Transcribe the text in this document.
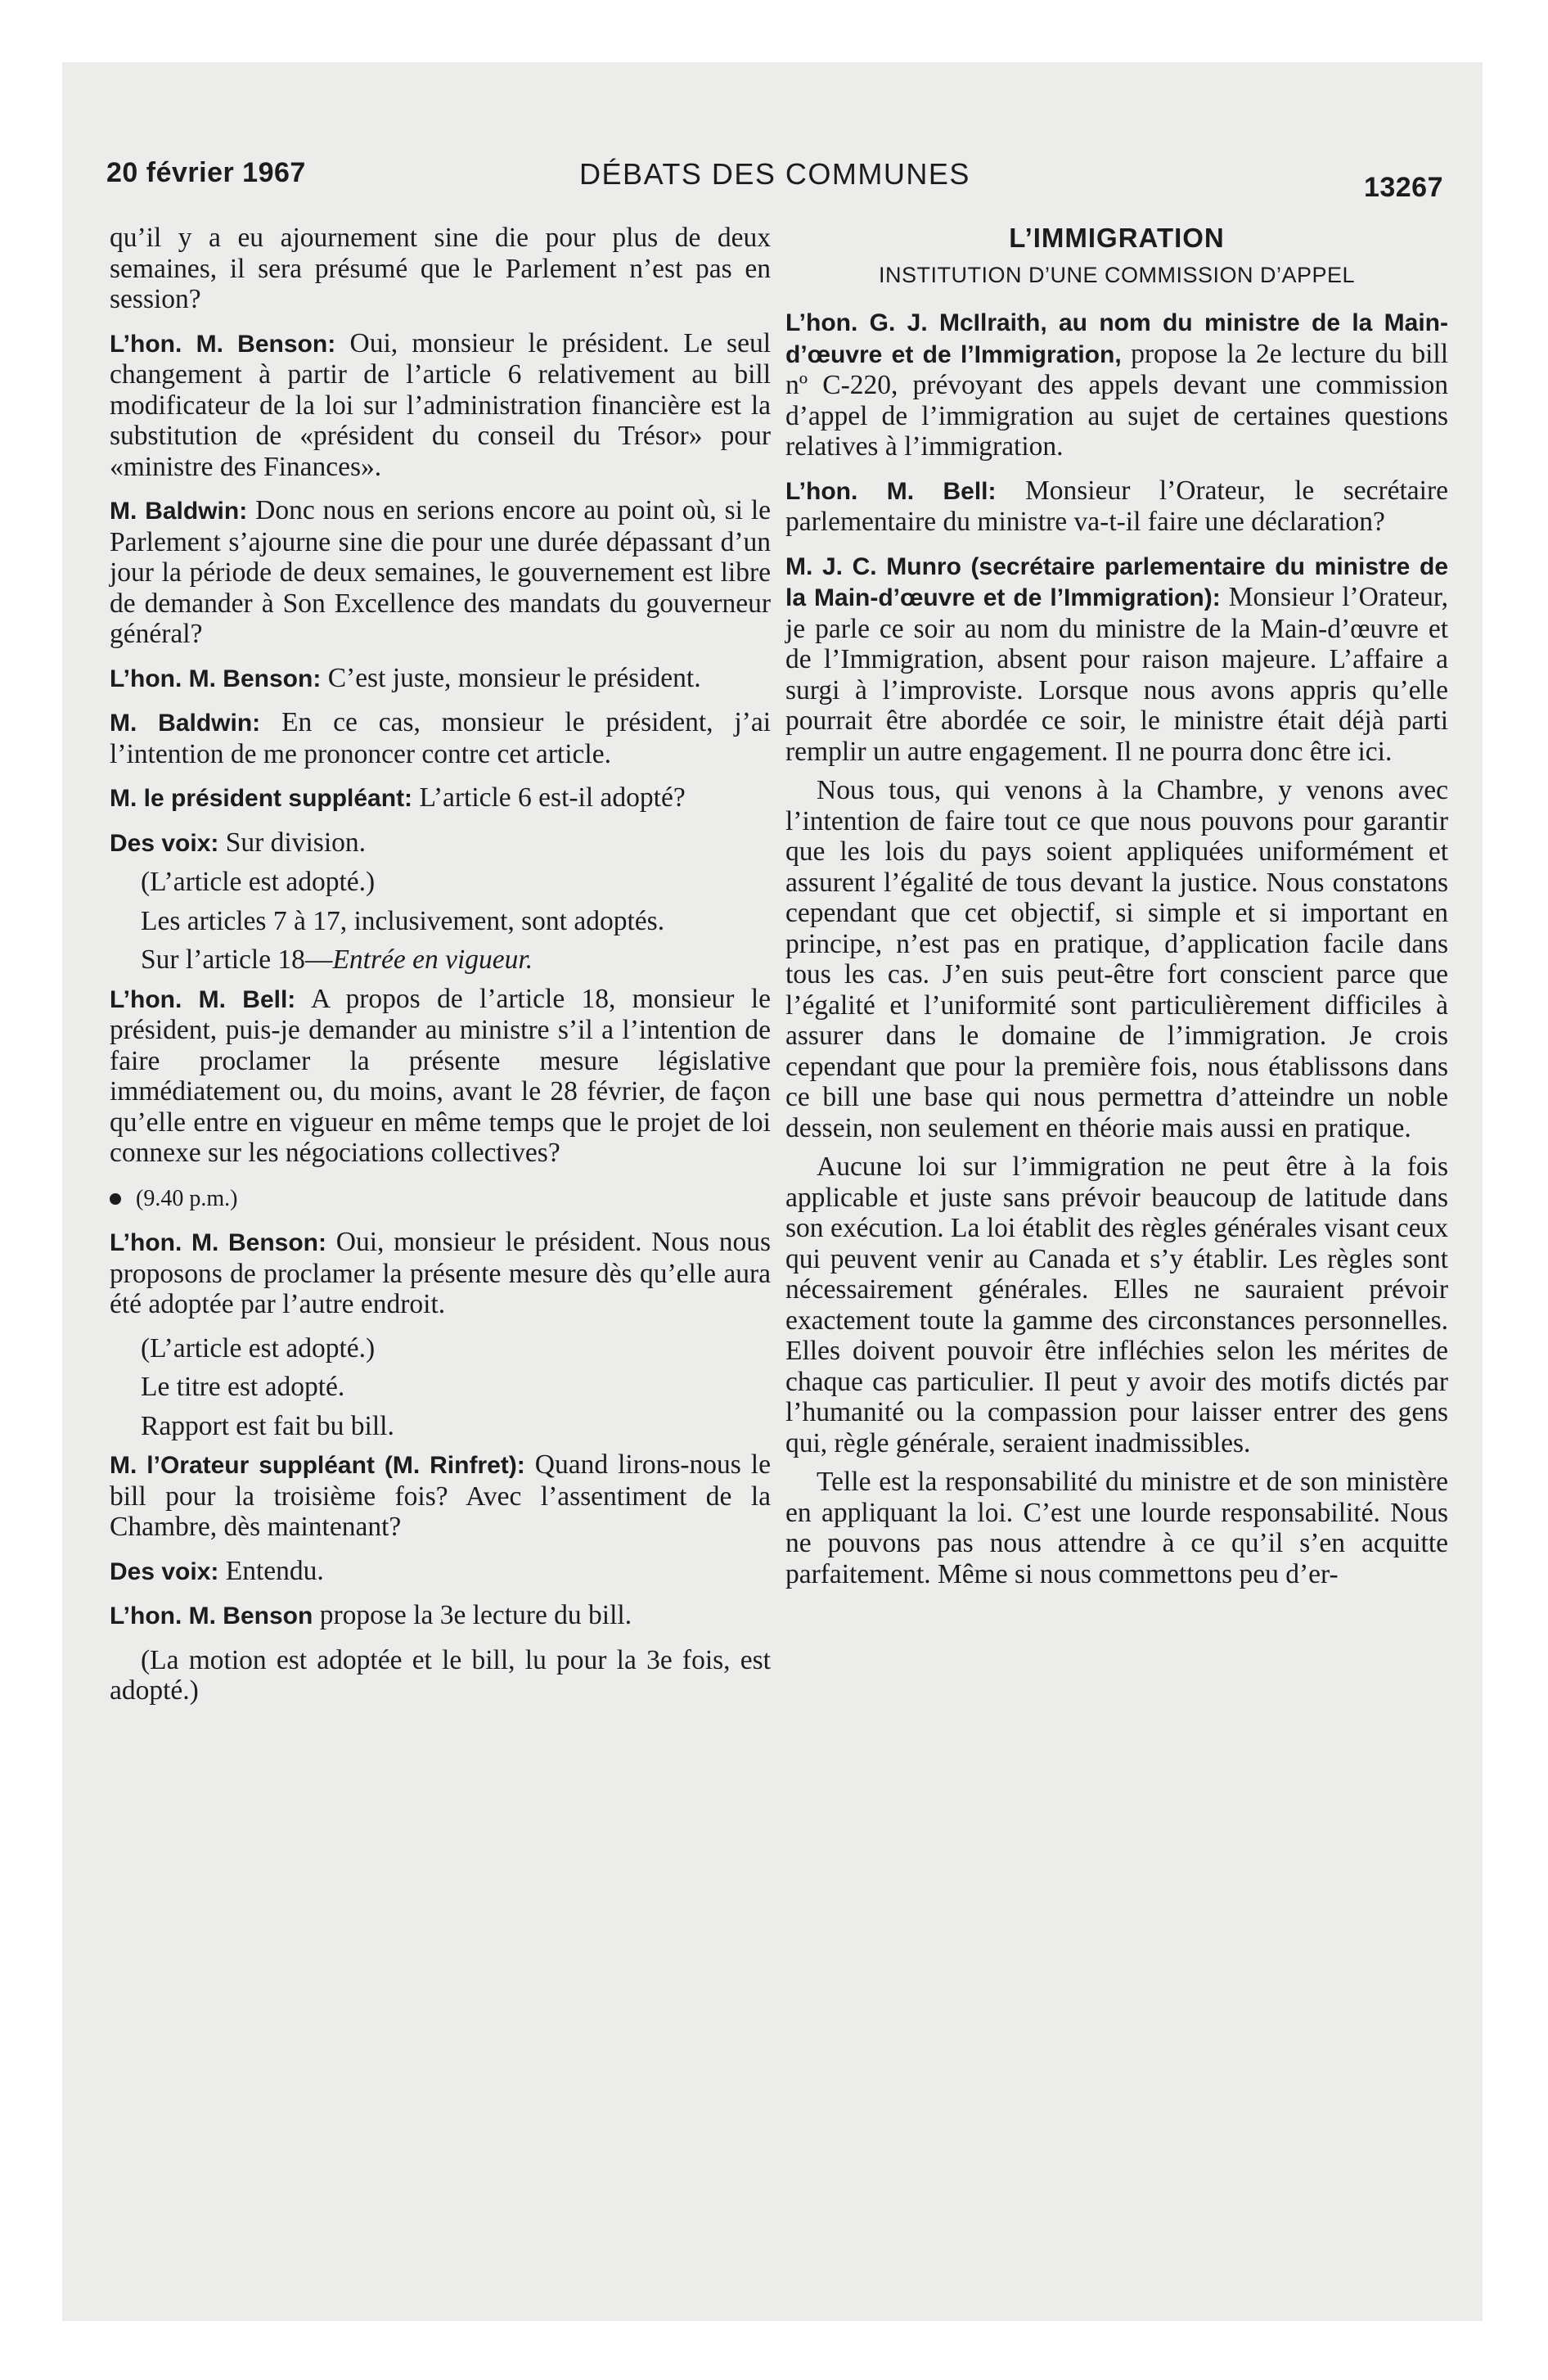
20 février 1967	DÉBATS DES COMMUNES	13267

qu’il y a eu ajournement sine die pour plus de deux semaines, il sera présumé que le Parlement n’est pas en session?

L’hon. M. Benson: Oui, monsieur le président. Le seul changement à partir de l’article 6 relativement au bill modificateur de la loi sur l’administration financière est la substitution de «président du conseil du Trésor» pour «ministre des Finances».

M. Baldwin: Donc nous en serions encore au point où, si le Parlement s’ajourne sine die pour une durée dépassant d’un jour la période de deux semaines, le gouvernement est libre de demander à Son Excellence des mandats du gouverneur général?

L’hon. M. Benson: C’est juste, monsieur le président.

M. Baldwin: En ce cas, monsieur le président, j’ai l’intention de me prononcer contre cet article.

M. le président suppléant: L’article 6 est-il adopté?

Des voix: Sur division.

(L’article est adopté.)

Les articles 7 à 17, inclusivement, sont adoptés.

Sur l’article 18—Entrée en vigueur.

L’hon. M. Bell: A propos de l’article 18, monsieur le président, puis-je demander au ministre s’il a l’intention de faire proclamer la présente mesure législative immédiatement ou, du moins, avant le 28 février, de façon qu’elle entre en vigueur en même temps que le projet de loi connexe sur les négociations collectives?

(9.40 p.m.)

L’hon. M. Benson: Oui, monsieur le président. Nous nous proposons de proclamer la présente mesure dès qu’elle aura été adoptée par l’autre endroit.

(L’article est adopté.)

Le titre est adopté.

Rapport est fait bu bill.

M. l’Orateur suppléant (M. Rinfret): Quand lirons-nous le bill pour la troisième fois? Avec l’assentiment de la Chambre, dès maintenant?

Des voix: Entendu.

L’hon. M. Benson propose la 3e lecture du bill.

(La motion est adoptée et le bill, lu pour la 3e fois, est adopté.)

L’IMMIGRATION
INSTITUTION D’UNE COMMISSION D’APPEL

L’hon. G. J. McIlraith, au nom du ministre de la Main-d’œuvre et de l’Immigration, propose la 2e lecture du bill nº C-220, prévoyant des appels devant une commission d’appel de l’immigration au sujet de certaines questions relatives à l’immigration.

L’hon. M. Bell: Monsieur l’Orateur, le secrétaire parlementaire du ministre va-t-il faire une déclaration?

M. J. C. Munro (secrétaire parlementaire du ministre de la Main-d’œuvre et de l’Immigration): Monsieur l’Orateur, je parle ce soir au nom du ministre de la Main-d’œuvre et de l’Immigration, absent pour raison majeure. L’affaire a surgi à l’improviste. Lorsque nous avons appris qu’elle pourrait être abordée ce soir, le ministre était déjà parti remplir un autre engagement. Il ne pourra donc être ici.

Nous tous, qui venons à la Chambre, y venons avec l’intention de faire tout ce que nous pouvons pour garantir que les lois du pays soient appliquées uniformément et assurent l’égalité de tous devant la justice. Nous constatons cependant que cet objectif, si simple et si important en principe, n’est pas en pratique, d’application facile dans tous les cas. J’en suis peut-être fort conscient parce que l’égalité et l’uniformité sont particulièrement difficiles à assurer dans le domaine de l’immigration. Je crois cependant que pour la première fois, nous établissons dans ce bill une base qui nous permettra d’atteindre un noble dessein, non seulement en théorie mais aussi en pratique.

Aucune loi sur l’immigration ne peut être à la fois applicable et juste sans prévoir beaucoup de latitude dans son exécution. La loi établit des règles générales visant ceux qui peuvent venir au Canada et s’y établir. Les règles sont nécessairement générales. Elles ne sauraient prévoir exactement toute la gamme des circonstances personnelles. Elles doivent pouvoir être infléchies selon les mérites de chaque cas particulier. Il peut y avoir des motifs dictés par l’humanité ou la compassion pour laisser entrer des gens qui, règle générale, seraient inadmissibles.

Telle est la responsabilité du ministre et de son ministère en appliquant la loi. C’est une lourde responsabilité. Nous ne pouvons pas nous attendre à ce qu’il s’en acquitte parfaitement. Même si nous commettons peu d’er-
